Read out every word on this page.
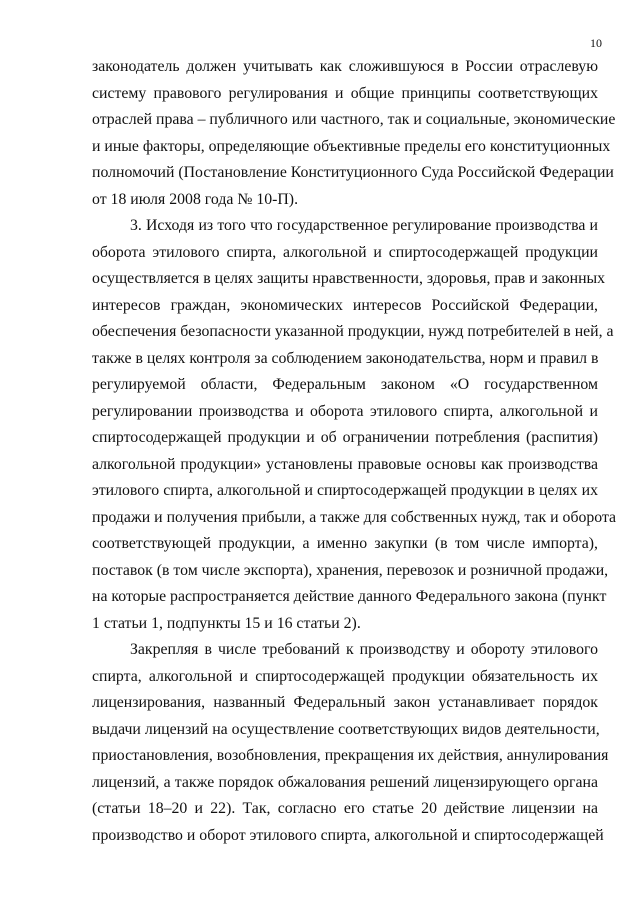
10
законодатель должен учитывать как сложившуюся в России отраслевую
систему правового регулирования и общие принципы соответствующих
отраслей права – публичного или частного, так и социальные, экономические
и иные факторы, определяющие объективные пределы его конституционных
полномочий (Постановление Конституционного Суда Российской Федерации
от 18 июля 2008 года № 10-П).
3. Исходя из того что государственное регулирование производства и
оборота этилового спирта, алкогольной и спиртосодержащей продукции
осуществляется в целях защиты нравственности, здоровья, прав и законных
интересов граждан, экономических интересов Российской Федерации,
обеспечения безопасности указанной продукции, нужд потребителей в ней, а
также в целях контроля за соблюдением законодательства, норм и правил в
регулируемой области, Федеральным законом «О государственном
регулировании производства и оборота этилового спирта, алкогольной и
спиртосодержащей продукции и об ограничении потребления (распития)
алкогольной продукции» установлены правовые основы как производства
этилового спирта, алкогольной и спиртосодержащей продукции в целях их
продажи и получения прибыли, а также для собственных нужд, так и оборота
соответствующей продукции, а именно закупки (в том числе импорта),
поставок (в том числе экспорта), хранения, перевозок и розничной продажи,
на которые распространяется действие данного Федерального закона (пункт
1 статьи 1, подпункты 15 и 16 статьи 2).
Закрепляя в числе требований к производству и обороту этилового
спирта, алкогольной и спиртосодержащей продукции обязательность их
лицензирования, названный Федеральный закон устанавливает порядок
выдачи лицензий на осуществление соответствующих видов деятельности,
приостановления, возобновления, прекращения их действия, аннулирования
лицензий, а также порядок обжалования решений лицензирующего органа
(статьи 18–20 и 22). Так, согласно его статье 20 действие лицензии на
производство и оборот этилового спирта, алкогольной и спиртосодержащей
